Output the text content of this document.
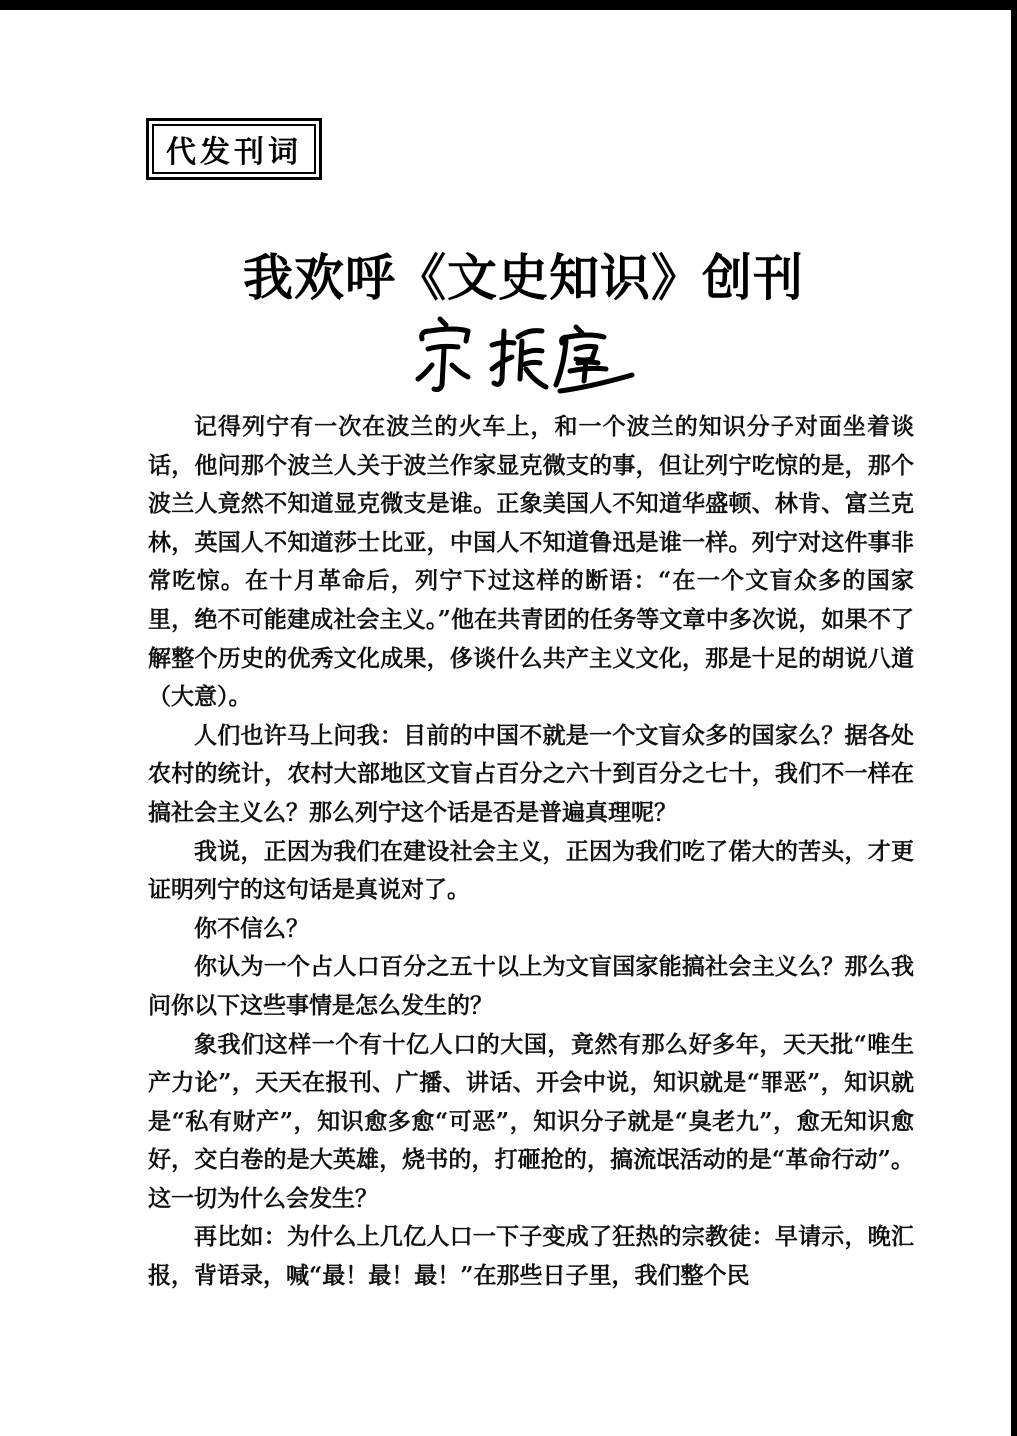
代发刊词
我欢呼《文史知识》创刊

记得列宁有一次在波兰的火车上，和一个波兰的知识分子对面坐着谈话，他问那个波兰人关于波兰作家显克微支的事，但让列宁吃惊的是，那个波兰人竟然不知道显克微支是谁。正象美国人不知道华盛顿、林肯、富兰克林，英国人不知道莎士比亚，中国人不知道鲁迅是谁一样。列宁对这件事非常吃惊。在十月革命后，列宁下过这样的断语：“在一个文盲众多的国家里，绝不可能建成社会主义。”他在共青团的任务等文章中多次说，如果不了解整个历史的优秀文化成果，侈谈什么共产主义文化，那是十足的胡说八道（大意）。

人们也许马上问我：目前的中国不就是一个文盲众多的国家么？据各处农村的统计，农村大部地区文盲占百分之六十到百分之七十，我们不一样在搞社会主义么？那么列宁这个话是否是普遍真理呢？

我说，正因为我们在建设社会主义，正因为我们吃了偌大的苦头，才更证明列宁的这句话是真说对了。

你不信么？

你认为一个占人口百分之五十以上为文盲国家能搞社会主义么？那么我问你以下这些事情是怎么发生的？

象我们这样一个有十亿人口的大国，竟然有那么好多年，天天批“唯生产力论”，天天在报刊、广播、讲话、开会中说，知识就是“罪恶”，知识就是“私有财产”，知识愈多愈“可恶”，知识分子就是“臭老九”，愈无知识愈好，交白卷的是大英雄，烧书的，打砸抢的，搞流氓活动的是“革命行动”。这一切为什么会发生？

再比如：为什么上几亿人口一下子变成了狂热的宗教徒：早请示，晚汇报，背语录，喊“最！最！最！”在那些日子里，我们整个民
